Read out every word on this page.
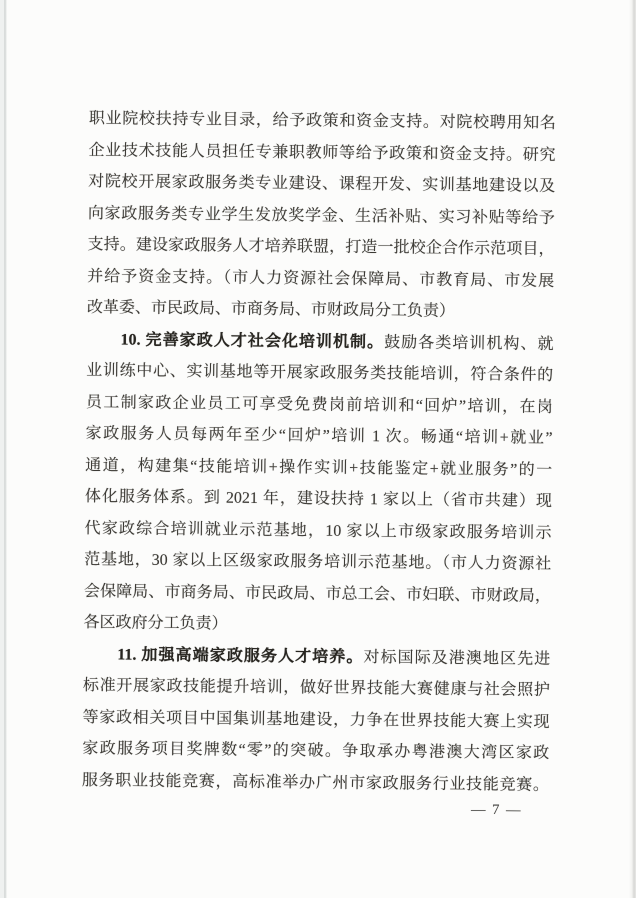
职业院校扶持专业目录，给予政策和资金支持。对院校聘用知名
企业技术技能人员担任专兼职教师等给予政策和资金支持。研究
对院校开展家政服务类专业建设、课程开发、实训基地建设以及
向家政服务类专业学生发放奖学金、生活补贴、实习补贴等给予
支持。建设家政服务人才培养联盟，打造一批校企合作示范项目，
并给予资金支持。（市人力资源社会保障局、市教育局、市发展
改革委、市民政局、市商务局、市财政局分工负责）
10. 完善家政人才社会化培训机制。鼓励各类培训机构、就
业训练中心、实训基地等开展家政服务类技能培训，符合条件的
员工制家政企业员工可享受免费岗前培训和“回炉”培训，在岗
家政服务人员每两年至少“回炉”培训 1 次。畅通“培训+就业”
通道，构建集“技能培训+操作实训+技能鉴定+就业服务”的一
体化服务体系。到 2021 年，建设扶持 1 家以上（省市共建）现
代家政综合培训就业示范基地，10 家以上市级家政服务培训示
范基地，30 家以上区级家政服务培训示范基地。（市人力资源社
会保障局、市商务局、市民政局、市总工会、市妇联、市财政局，
各区政府分工负责）
11. 加强高端家政服务人才培养。对标国际及港澳地区先进
标准开展家政技能提升培训，做好世界技能大赛健康与社会照护
等家政相关项目中国集训基地建设，力争在世界技能大赛上实现
家政服务项目奖牌数“零”的突破。争取承办粤港澳大湾区家政
服务职业技能竞赛，高标准举办广州市家政服务行业技能竞赛。
— 7 —
